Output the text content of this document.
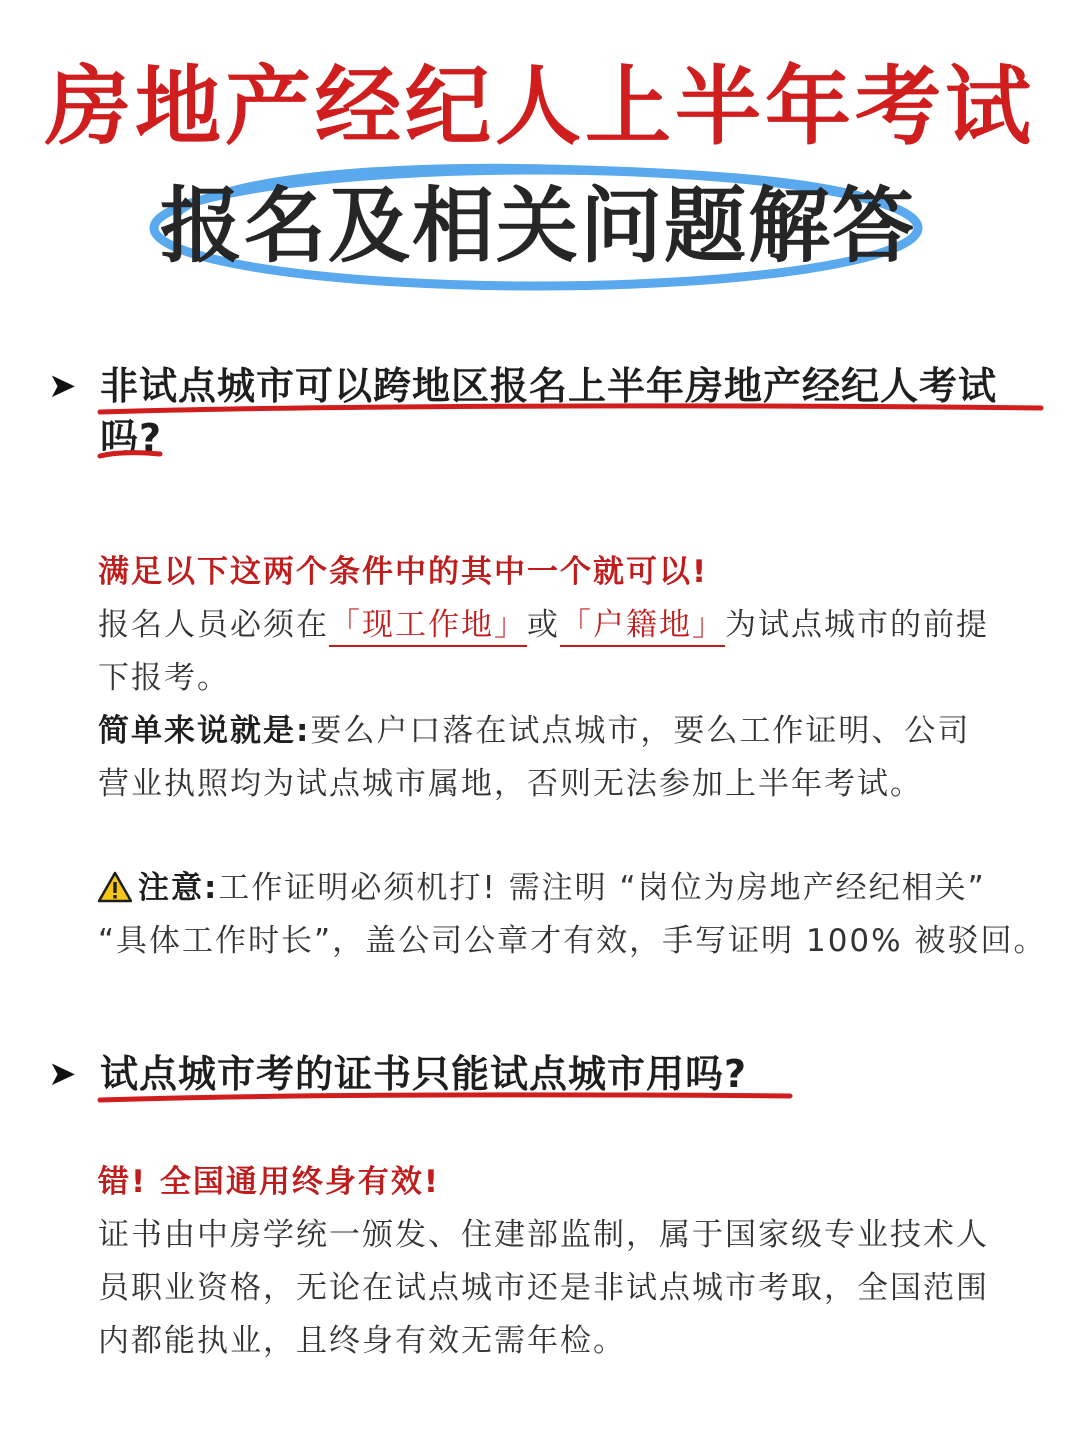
房地产经纪人上半年考试
报名及相关问题解答
➤ 非试点城市可以跨地区报名上半年房地产经纪人考试
吗?
满足以下这两个条件中的其中一个就可以!
报名人员必须在「现工作地」或「户籍地」为试点城市的前提
下报考。
简单来说就是:要么户口落在试点城市，要么工作证明、公司
营业执照均为试点城市属地，否则无法参加上半年考试。
注意:工作证明必须机打! 需注明 “岗位为房地产经纪相关”
“具体工作时长”，盖公司公章才有效，手写证明 100% 被驳回。
➤ 试点城市考的证书只能试点城市用吗?
错! 全国通用终身有效!
证书由中房学统一颁发、住建部监制，属于国家级专业技术人
员职业资格，无论在试点城市还是非试点城市考取，全国范围
内都能执业，且终身有效无需年检。
